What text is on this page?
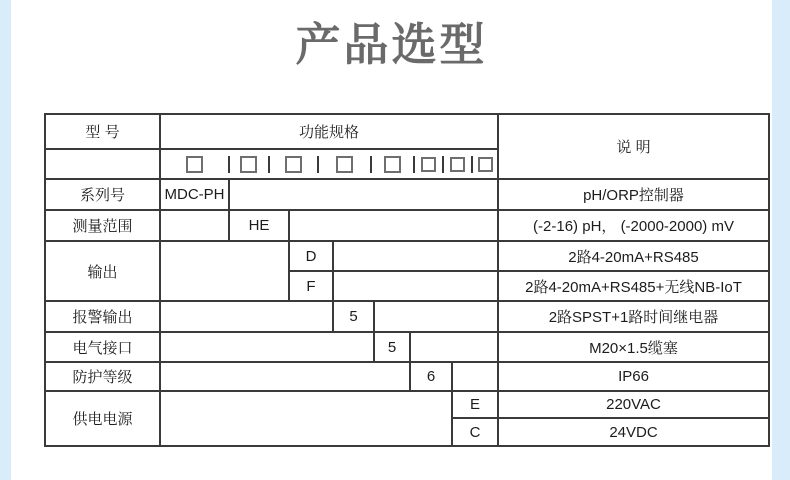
产品选型
型 号	功能规格							说 明

系列号	MDC-PH							pH/ORP控制器
测量范围		HE						(-2-16) pH， (-2000-2000) mV
输出			D					2路4-20mA+RS485
			F					2路4-20mA+RS485+无线NB-IoT
报警输出				5				2路SPST+1路时间继电器
电气接口					5			M20×1.5缆塞
防护等级						6		IP66
供电电源							E	220VAC
							C	24VDC
